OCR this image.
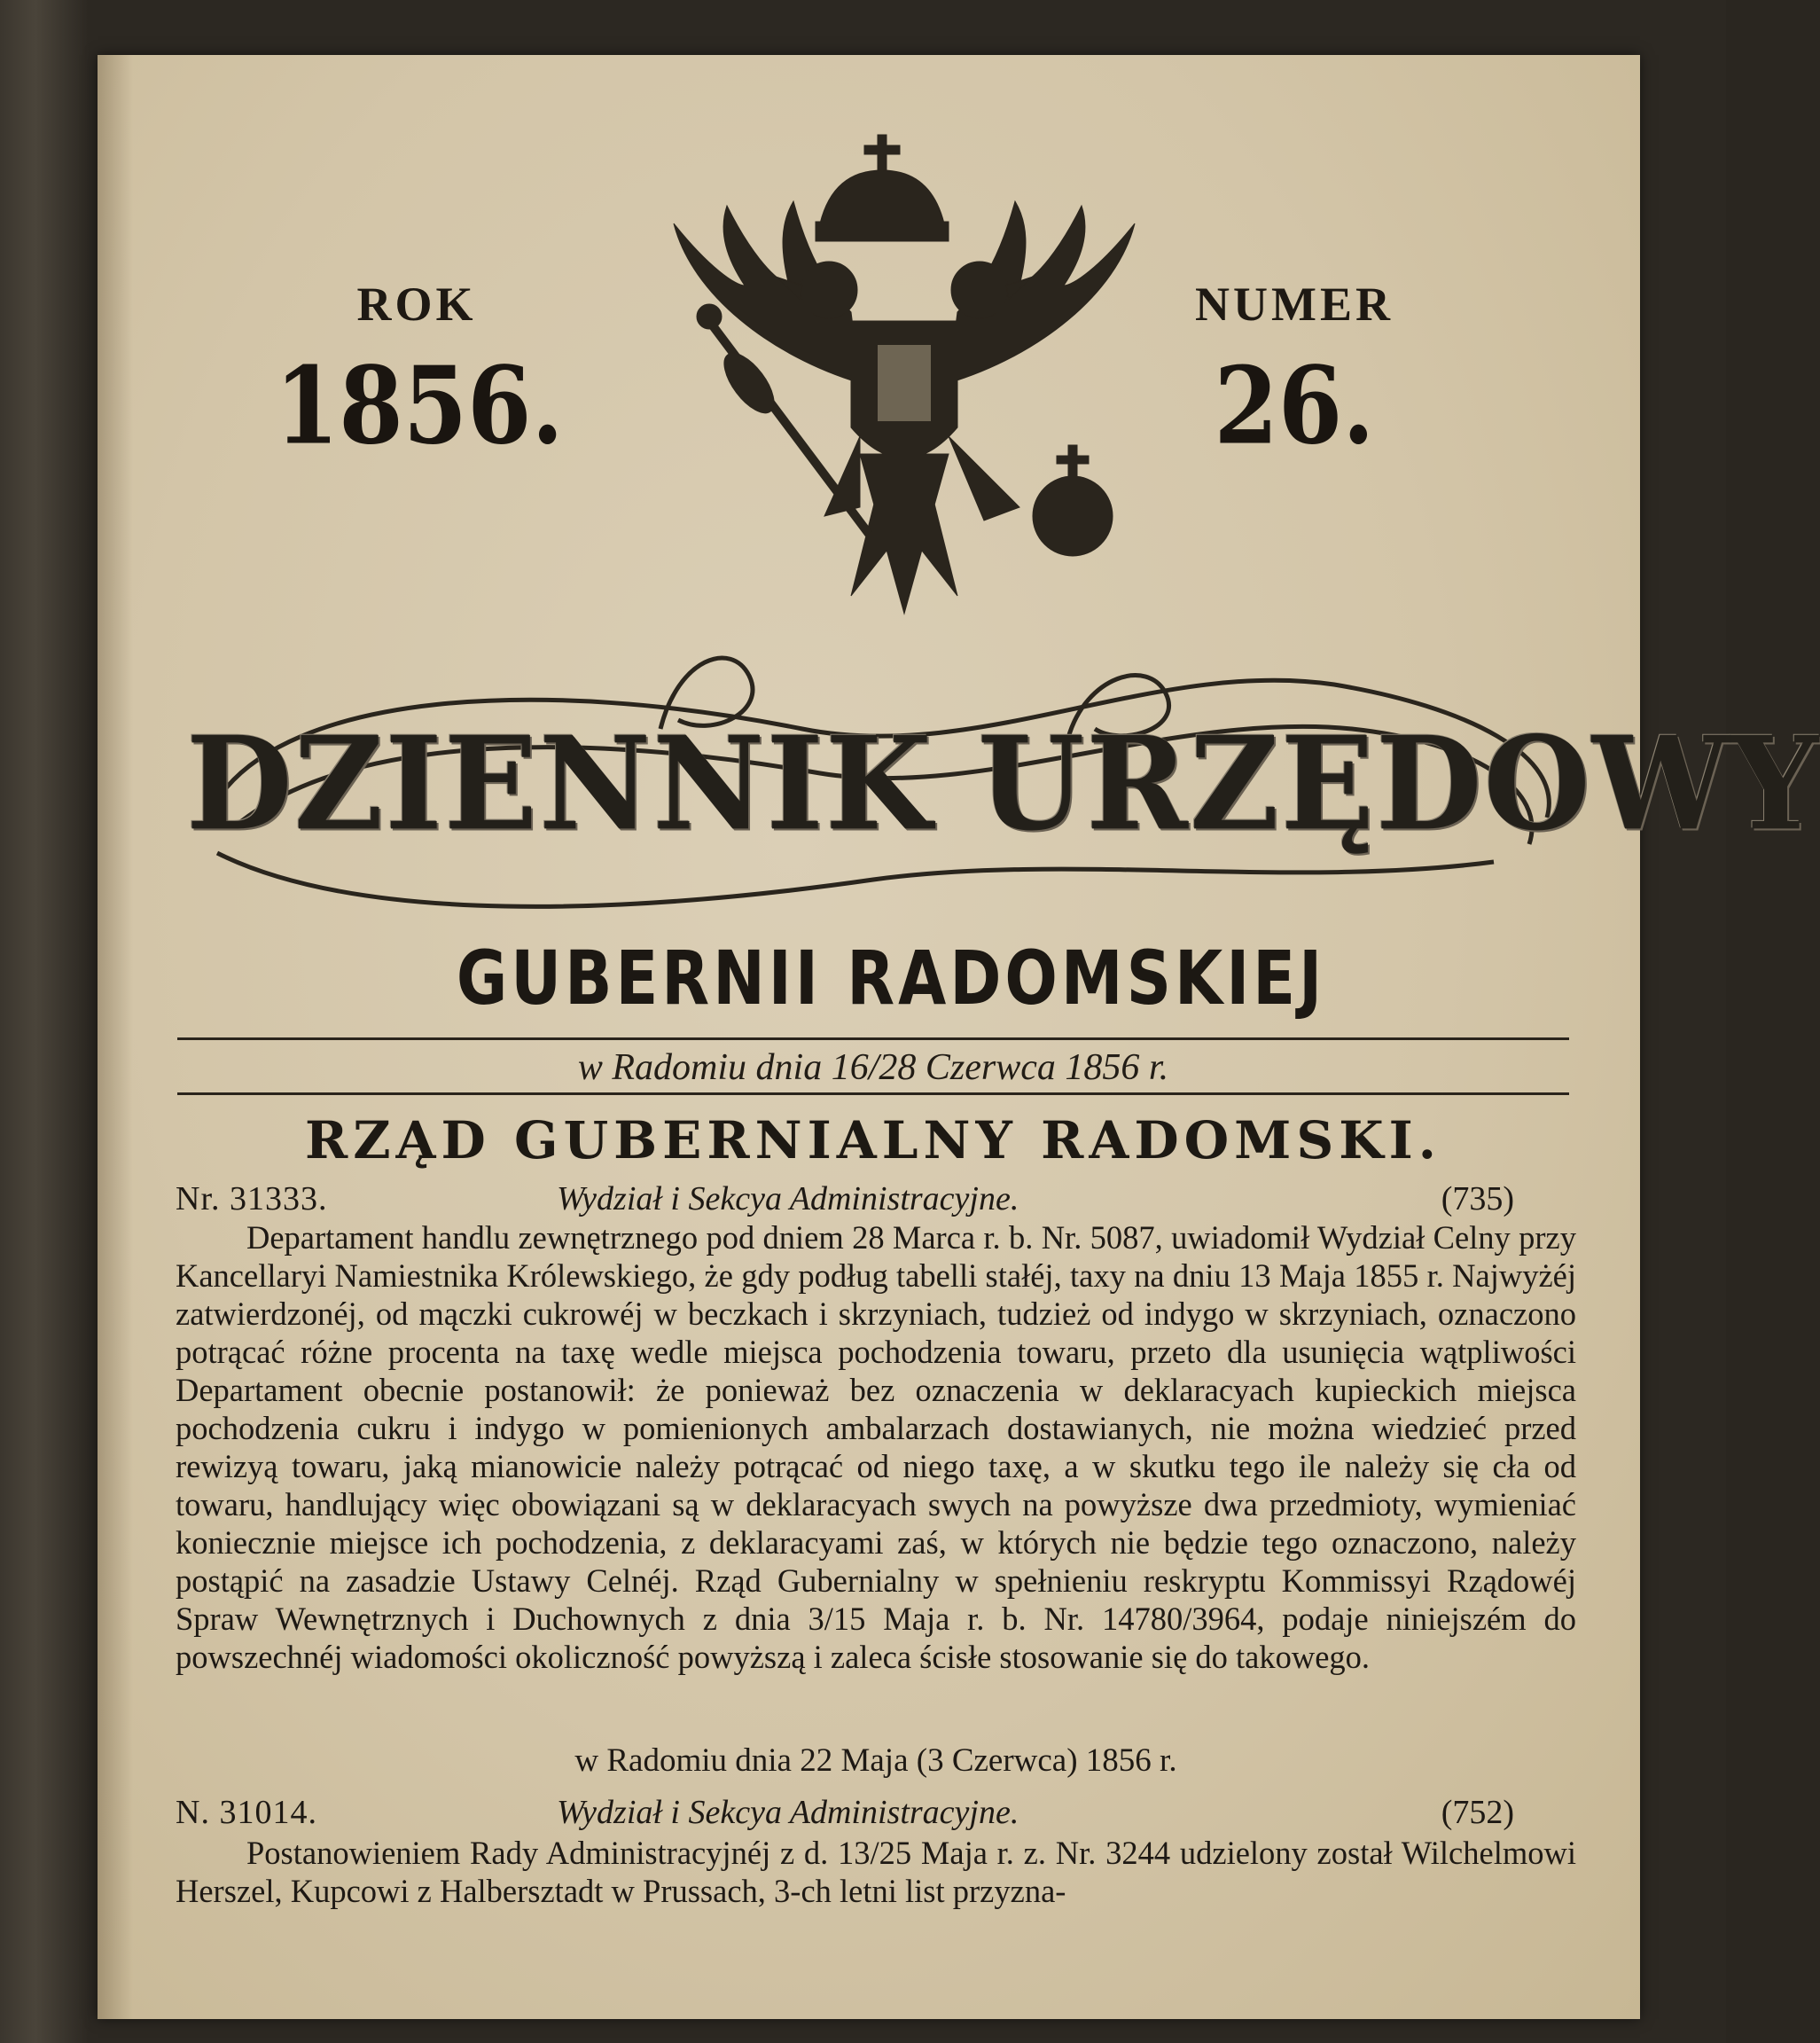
ROK
1856.
NUMER
26.
DZIENNIK URZĘDOWY
GUBERNII RADOMSKIEJ
w Radomiu dnia 16/28 Czerwca 1856 r.
RZĄD GUBERNIALNY RADOMSKI.
Nr. 31333.	Wydział i Sekcya Administracyjne.	(735)

Departament handlu zewnętrznego pod dniem 28 Marca r. b. Nr. 5087, uwiadomił Wydział Celny przy Kancellaryi Namiestnika Królewskiego, że gdy podług tabelli stałéj, taxy na dniu 13 Maja 1855 r. Najwyżéj zatwierdzonéj, od mączki cukrowéj w beczkach i skrzyniach, tudzież od indygo w skrzyniach, oznaczono potrącać różne procenta na taxę wedle miejsca pochodzenia towaru, przeto dla usunięcia wątpliwości Departament obecnie postanowił: że ponieważ bez oznaczenia w deklaracyach kupieckich miejsca pochodzenia cukru i indygo w pomienionych ambalarzach dostawianych, nie można wiedzieć przed rewizyą towaru, jaką mianowicie należy potrącać od niego taxę, a w skutku tego ile należy się cła od towaru, handlujący więc obowiązani są w deklaracyach swych na powyższe dwa przedmioty, wymieniać koniecznie miejsce ich pochodzenia, z deklaracyami zaś, w których nie będzie tego oznaczono, należy postąpić na zasadzie Ustawy Celnéj. Rząd Gubernialny w spełnieniu reskryptu Kommissyi Rządowéj Spraw Wewnętrznych i Duchownych z dnia 3/15 Maja r. b. Nr. 14780/3964, podaje niniejszém do powszechnéj wiadomości okoliczność powyższą i zaleca ścisłe stosowanie się do takowego.

w Radomiu dnia 22 Maja (3 Czerwca) 1856 r.
N. 31014.	Wydział i Sekcya Administracyjne.	(752)

Postanowieniem Rady Administracyjnéj z d. 13/25 Maja r. z. Nr. 3244 udzielony został Wilchelmowi Herszel, Kupcowi z Halbersztadt w Prussach, 3-ch letni list przyzna-
